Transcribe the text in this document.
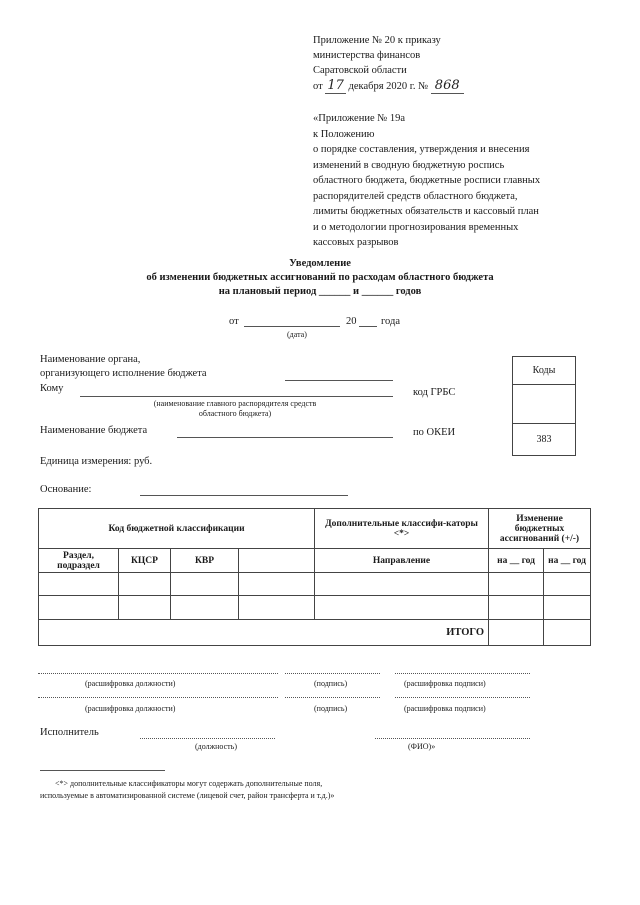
Приложение № 20 к приказу
министерства финансов
Саратовской области
от 17 декабря 2020 г. № 868
«Приложение № 19а
к Положению
о порядке составления, утверждения и внесения
изменений в сводную бюджетную роспись
областного бюджета, бюджетные росписи главных
распорядителей средств областного бюджета,
лимиты бюджетных обязательств и кассовый план
и о методологии прогнозирования временных
кассовых разрывов
Уведомление
об изменении бюджетных ассигнований по расходам областного бюджета
на плановый период ______ и ______ годов
от	20 года
(дата)
Наименование органа,
организующего исполнение бюджета
Кому
(наименование главного распорядителя средств
областного бюджета)
код ГРБС
Наименование бюджета	по ОКЕИ
Единица измерения: руб.
Основание:
Коды
383
Код бюджетной классификации				Дополнительные классифи-каторы <*>	Изменение бюджетных ассигнований (+/-)	
Раздел, подраздел	КЦСР	КВР		Направление	на __ год	на __ год

ИТОГО						
(расшифровка должности)	(подпись)	(расшифровка подписи)
(расшифровка должности)	(подпись)	(расшифровка подписи)
Исполнитель
(должность)	(ФИО)»
<*> дополнительные классификаторы могут содержать дополнительные поля,
используемые в автоматизированной системе (лицевой счет, район трансферта и т.д.)»
